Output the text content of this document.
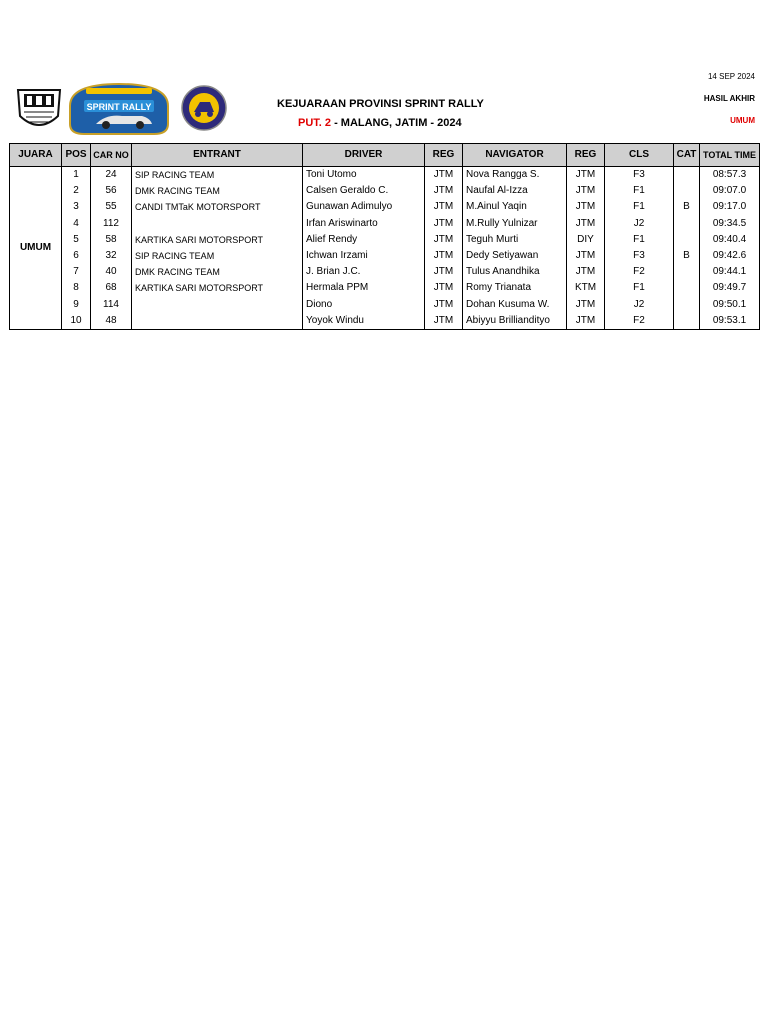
SPRINT RALLY	KEJUARAAN PROVINSI SPRINT RALLY
PUT. 2 - MALANG, JATIM - 2024
14 SEP 2024
HASIL AKHIR
UMUM
JUARA	POS	CAR NO	ENTRANT	DRIVER	REG	NAVIGATOR	REG	CLS	CAT	TOTAL TIME
UMUM	1	24	SIP RACING TEAM	Toni Utomo	JTM	Nova Rangga S.	JTM	F3		08:57.3
	2	56	DMK RACING TEAM	Calsen Geraldo C.	JTM	Naufal Al-Izza	JTM	F1		09:07.0
	3	55	CANDI TMTaK MOTORSPORT	Gunawan Adimulyo	JTM	M.Ainul Yaqin	JTM	F1	B	09:17.0
	4	112		Irfan Ariswinarto	JTM	M.Rully Yulnizar	JTM	J2		09:34.5
	5	58	KARTIKA SARI MOTORSPORT	Alief Rendy	JTM	Teguh Murti	DIY	F1		09:40.4
	6	32	SIP RACING TEAM	Ichwan Irzami	JTM	Dedy Setiyawan	JTM	F3	B	09:42.6
	7	40	DMK RACING TEAM	J. Brian J.C.	JTM	Tulus Anandhika	JTM	F2		09:44.1
	8	68	KARTIKA SARI MOTORSPORT	Hermala PPM	JTM	Romy Trianata	KTM	F1		09:49.7
	9	114		Diono	JTM	Dohan Kusuma W.	JTM	J2		09:50.1
	10	48		Yoyok Windu	JTM	Abiyyu Brilliandityo	JTM	F2		09:53.1
